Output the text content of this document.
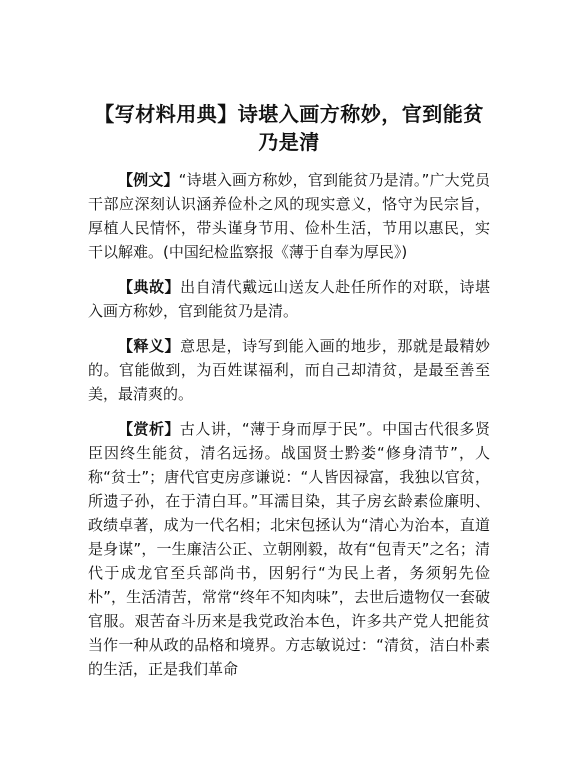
【写材料用典】诗堪入画方称妙，官到能贫乃是清

【例文】“诗堪入画方称妙，官到能贫乃是清。”广大党员干部应深刻认识涵养俭朴之风的现实意义，恪守为民宗旨，厚植人民情怀，带头谨身节用、俭朴生活，节用以惠民，实干以解难。(中国纪检监察报《薄于自奉为厚民》)

【典故】出自清代戴远山送友人赴任所作的对联，诗堪入画方称妙，官到能贫乃是清。

【释义】意思是，诗写到能入画的地步，那就是最精妙的。官能做到，为百姓谋福利，而自己却清贫，是最至善至美，最清爽的。

【赏析】古人讲，“薄于身而厚于民”。中国古代很多贤臣因终生能贫，清名远扬。战国贤士黔娄“修身清节”，人称“贫士”；唐代官吏房彦谦说：“人皆因禄富，我独以官贫，所遗子孙，在于清白耳。”耳濡目染，其子房玄龄素俭廉明、政绩卓著，成为一代名相；北宋包拯认为“清心为治本，直道是身谋”，一生廉洁公正、立朝刚毅，故有“包青天”之名；清代于成龙官至兵部尚书，因躬行“为民上者，务须躬先俭朴”，生活清苦，常常“终年不知肉味”，去世后遗物仅一套破官服。艰苦奋斗历来是我党政治本色，许多共产党人把能贫当作一种从政的品格和境界。方志敏说过：“清贫，洁白朴素的生活，正是我们革命
